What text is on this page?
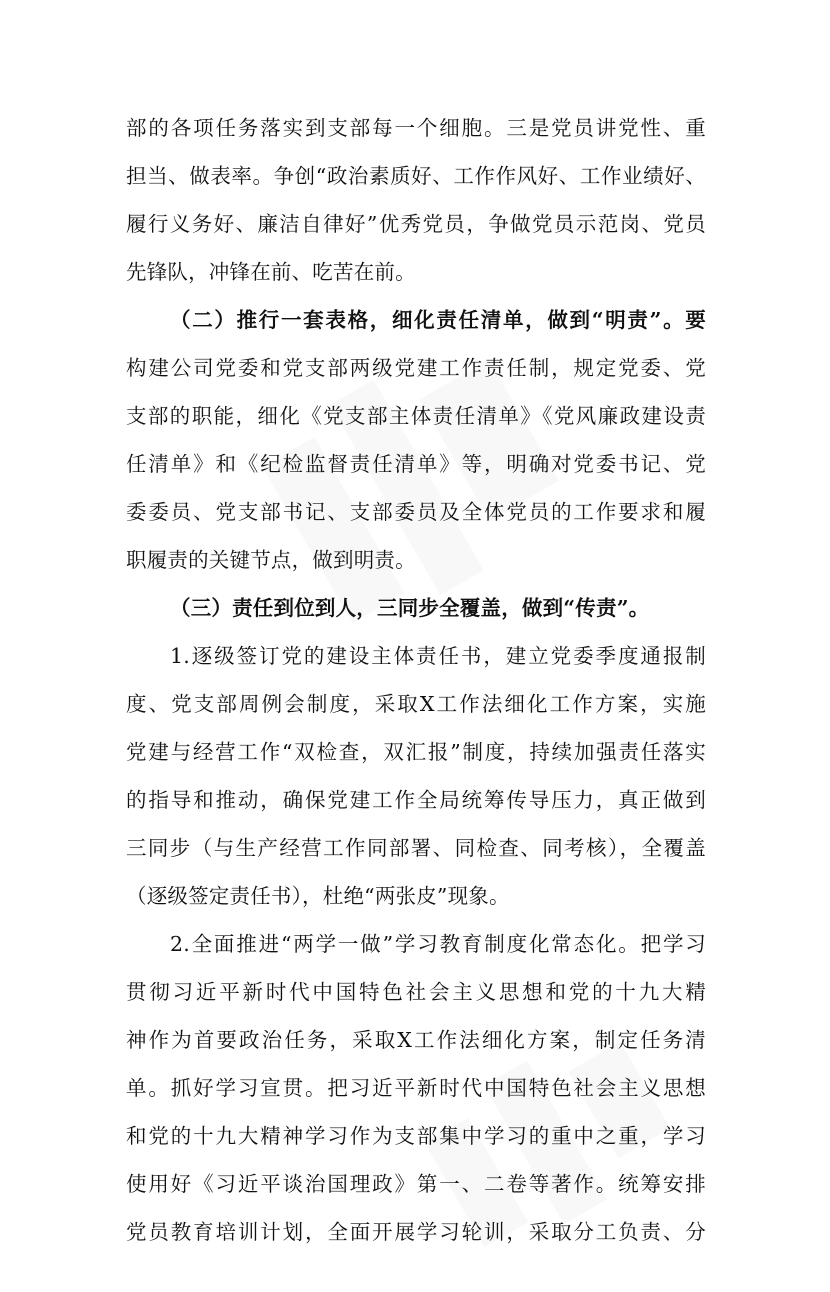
部的各项任务落实到支部每一个细胞。三是党员讲党性、重
担当、做表率。争创“政治素质好、工作作风好、工作业绩好、
履行义务好、廉洁自律好”优秀党员，争做党员示范岗、党员
先锋队，冲锋在前、吃苦在前。
（二）推行一套表格，细化责任清单，做到“明责”。要
构建公司党委和党支部两级党建工作责任制，规定党委、党
支部的职能，细化《党支部主体责任清单》《党风廉政建设责
任清单》和《纪检监督责任清单》等，明确对党委书记、党
委委员、党支部书记、支部委员及全体党员的工作要求和履
职履责的关键节点，做到明责。
（三）责任到位到人，三同步全覆盖，做到“传责”。
1.逐级签订党的建设主体责任书，建立党委季度通报制
度、党支部周例会制度，采取X工作法细化工作方案，实施
党建与经营工作“双检查，双汇报”制度，持续加强责任落实
的指导和推动，确保党建工作全局统筹传导压力，真正做到
三同步（与生产经营工作同部署、同检查、同考核），全覆盖
（逐级签定责任书），杜绝“两张皮”现象。
2.全面推进“两学一做”学习教育制度化常态化。把学习
贯彻习近平新时代中国特色社会主义思想和党的十九大精
神作为首要政治任务，采取X工作法细化方案，制定任务清
单。抓好学习宣贯。把习近平新时代中国特色社会主义思想
和党的十九大精神学习作为支部集中学习的重中之重，学习
使用好《习近平谈治国理政》第一、二卷等著作。统筹安排
党员教育培训计划，全面开展学习轮训，采取分工负责、分
